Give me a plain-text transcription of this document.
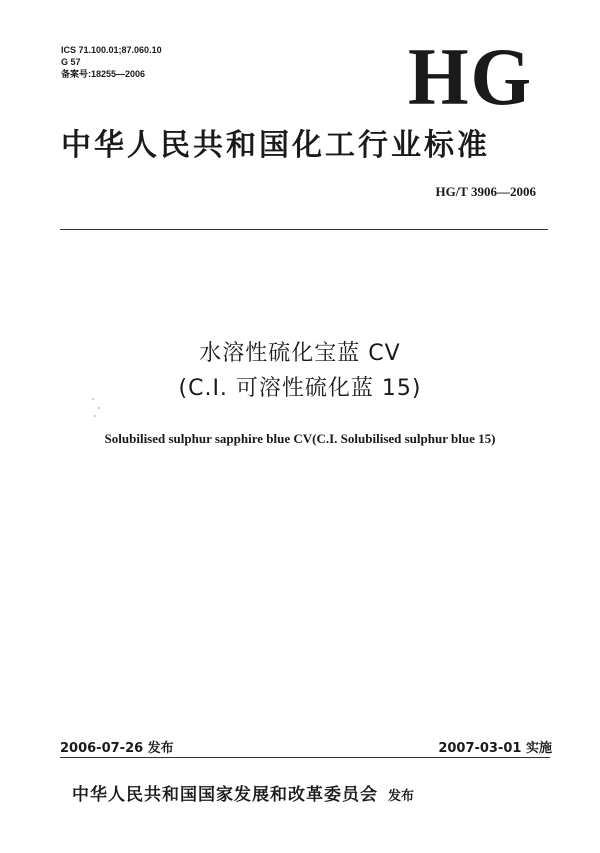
ICS 71.100.01;87.060.10
G 57
备案号:18255—2006	HG
中华人民共和国化工行业标准
HG/T 3906—2006
水溶性硫化宝蓝 CV
(C.I. 可溶性硫化蓝 15)
Solubilised sulphur sapphire blue CV(C.I. Solubilised sulphur blue 15)
2006-07-26 发布	2007-03-01 实施
中华人民共和国国家发展和改革委员会 发布
